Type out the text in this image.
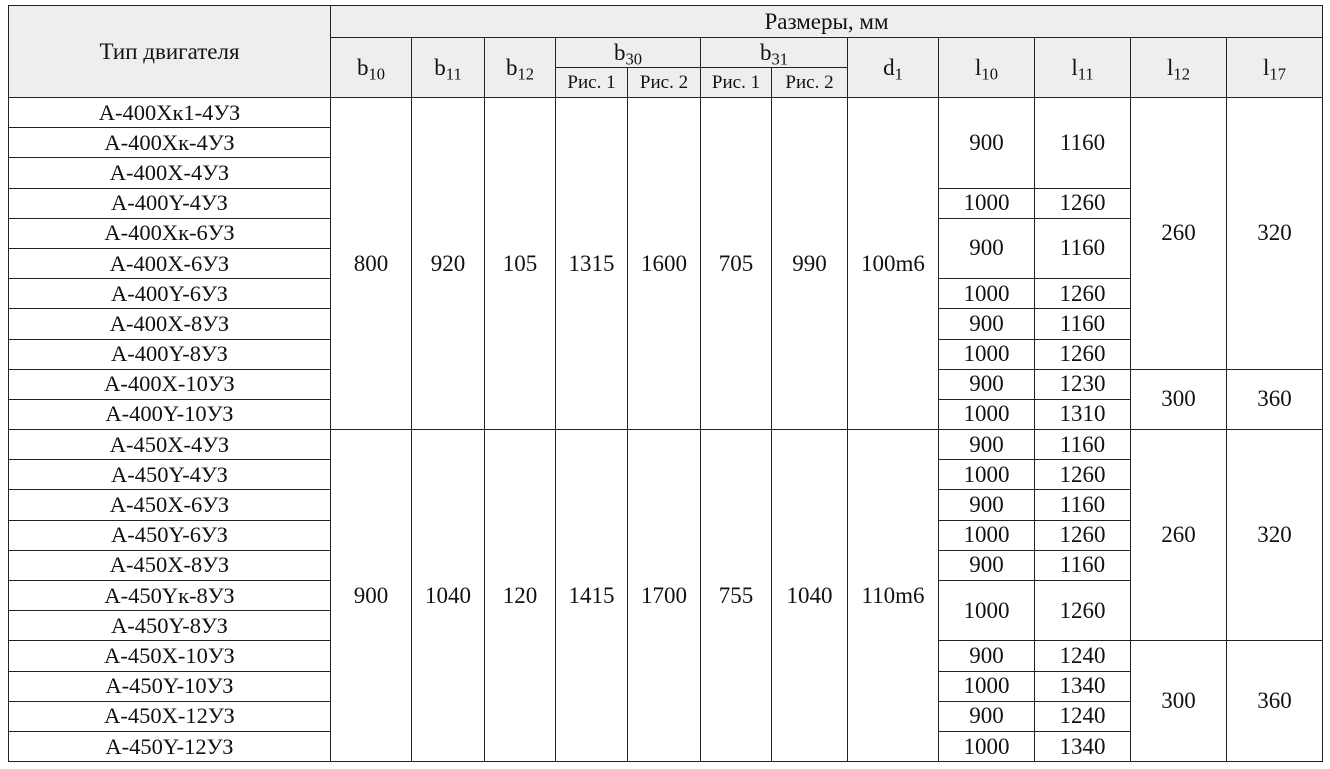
Тип двигателя	Размеры, мм											
	$b_{10}$	$b_{11}$	$b_{12}$	$b_{30}$		$b_{31}$		$d_1$	$l_{10}$	$l_{11}$	$l_{12}$	$l_{17}$
				Рис. 1	Рис. 2	Рис. 1	Рис. 2					
А-400Хк1-4УЗ	800	920	105	1315	1600	705	990	100m6	900	1160	260	320
А-400Хк-4УЗ												
А-400Х-4УЗ												
А-400Y-4УЗ									1000	1260		
А-400Хк-6УЗ									900	1160		
А-400Х-6УЗ												
А-400Y-6УЗ									1000	1260		
А-400Х-8УЗ									900	1160		
А-400Y-8УЗ									1000	1260		
А-400Х-10УЗ									900	1230	300	360
А-400Y-10УЗ									1000	1310		
А-450Х-4УЗ	900	1040	120	1415	1700	755	1040	110m6	900	1160	260	320
А-450Y-4УЗ									1000	1260		
А-450Х-6УЗ									900	1160		
А-450Y-6УЗ									1000	1260		
А-450Х-8УЗ									900	1160		
А-450Yк-8УЗ									1000	1260		
А-450Y-8УЗ												
А-450Х-10УЗ									900	1240	300	360
А-450Y-10УЗ									1000	1340		
А-450Х-12УЗ									900	1240		
А-450Y-12УЗ									1000	1340		
